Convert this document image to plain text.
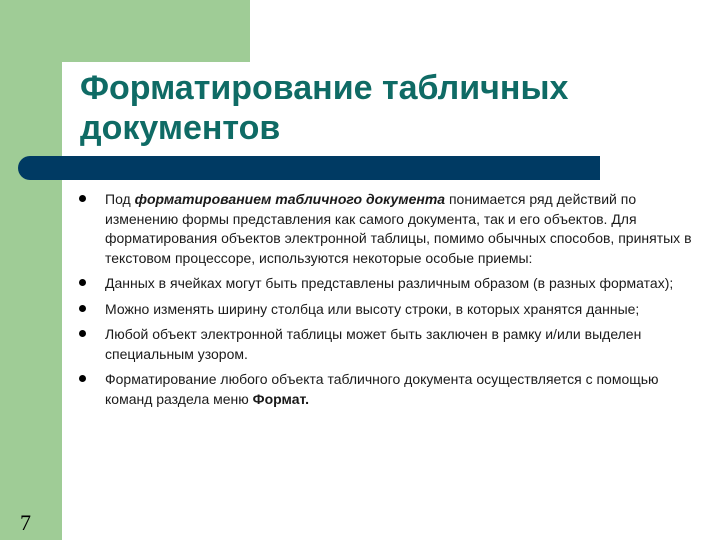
Форматирование табличных документов
Под форматированием табличного документа понимается ряд действий по изменению формы представления как самого документа, так и его объектов. Для форматирования объектов электронной таблицы, помимо обычных способов, принятых в текстовом процессоре, используются некоторые особые приемы:
Данных в ячейках могут быть представлены различным образом (в разных форматах);
Можно изменять ширину столбца или высоту строки, в которых хранятся данные;
Любой объект электронной таблицы может быть заключен в рамку и/или выделен специальным узором.
Форматирование любого объекта табличного документа осуществляется с помощью команд раздела меню Формат.
7
